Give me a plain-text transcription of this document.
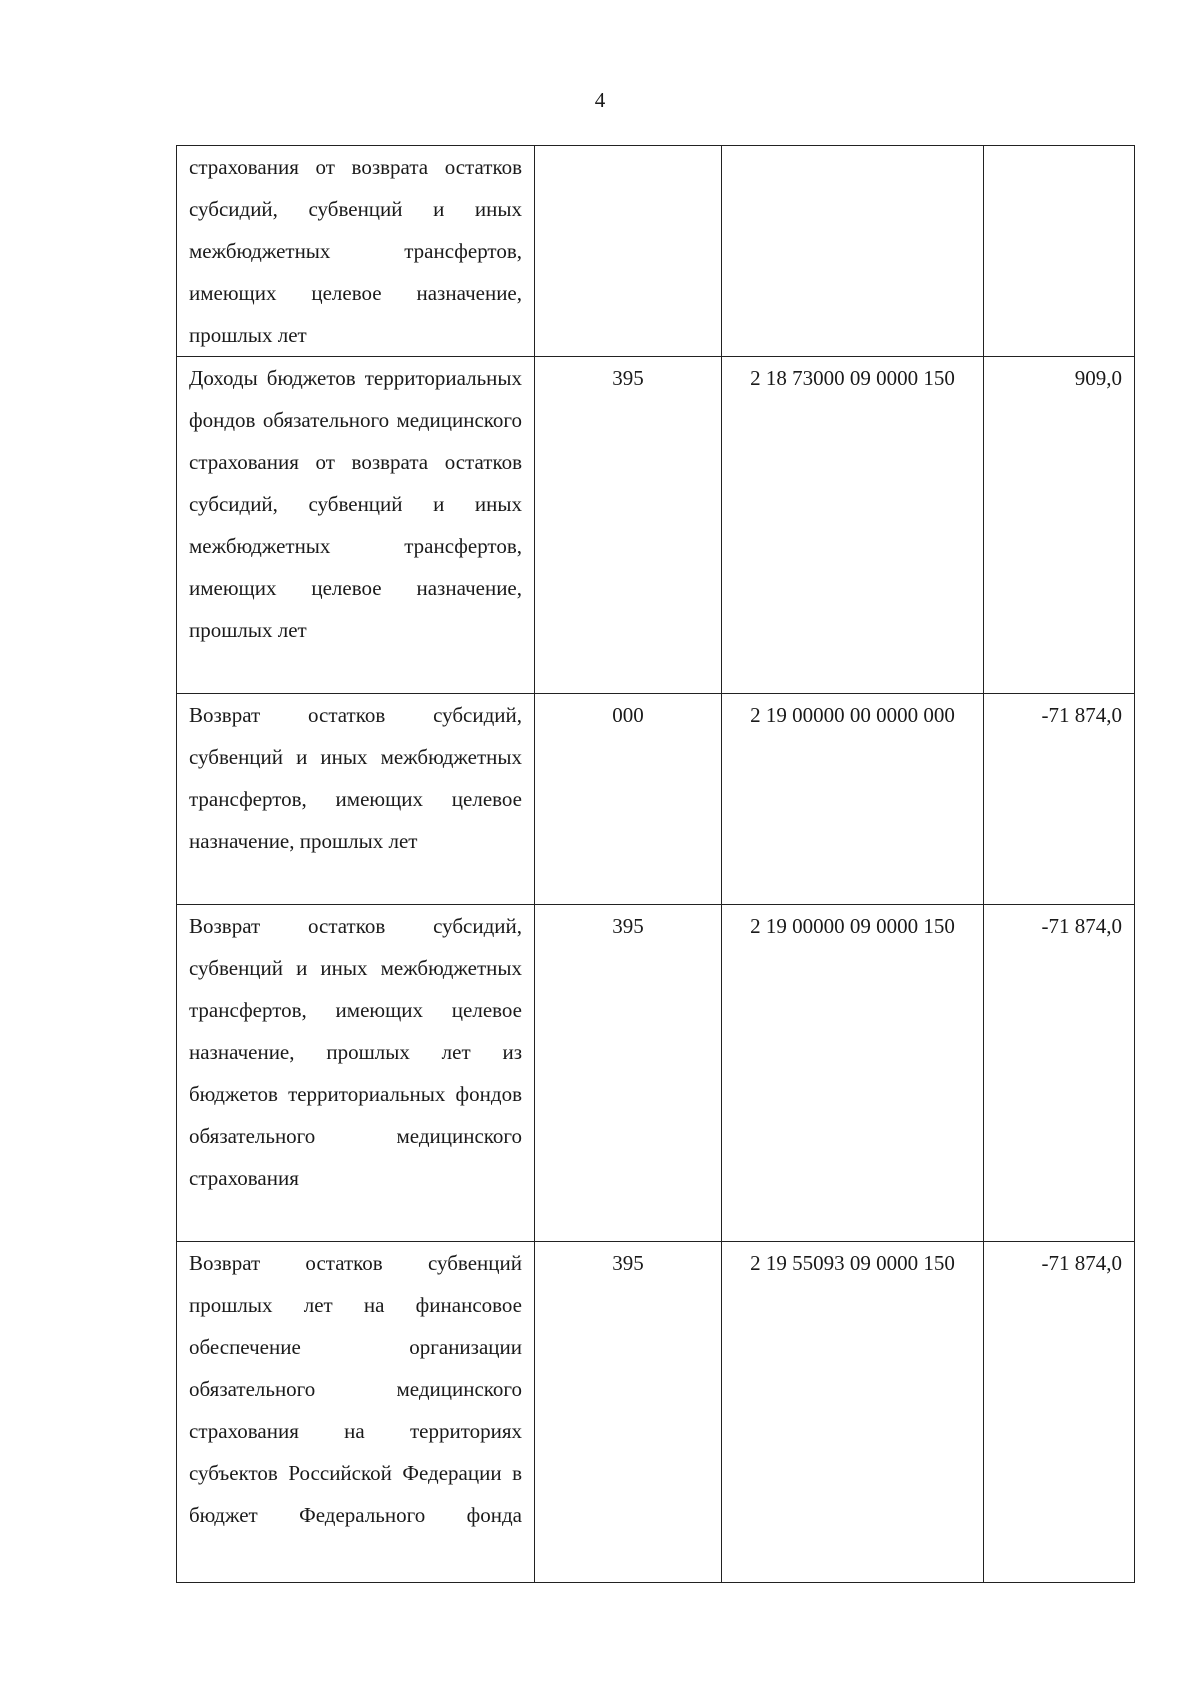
4
страхования от возврата остатков субсидий, субвенций и иных межбюджетных трансфертов, имеющих целевое назначение, прошлых лет			
Доходы бюджетов территориальных фондов обязательного медицинского страхования от возврата остатков субсидий, субвенций и иных межбюджетных трансфертов, имеющих целевое назначение, прошлых лет	395	2 18 73000 09 0000 150	909,0
Возврат остатков субсидий, субвенций и иных межбюджетных трансфертов, имеющих целевое назначение, прошлых лет	000	2 19 00000 00 0000 000	-71 874,0
Возврат остатков субсидий, субвенций и иных межбюджетных трансфертов, имеющих целевое назначение, прошлых лет из бюджетов территориальных фондов обязательного медицинского страхования	395	2 19 00000 09 0000 150	-71 874,0
Возврат остатков субвенций прошлых лет на финансовое обеспечение организации обязательного медицинского страхования на территориях субъектов Российской Федерации в бюджет Федерального фонда	395	2 19 55093 09 0000 150	-71 874,0
